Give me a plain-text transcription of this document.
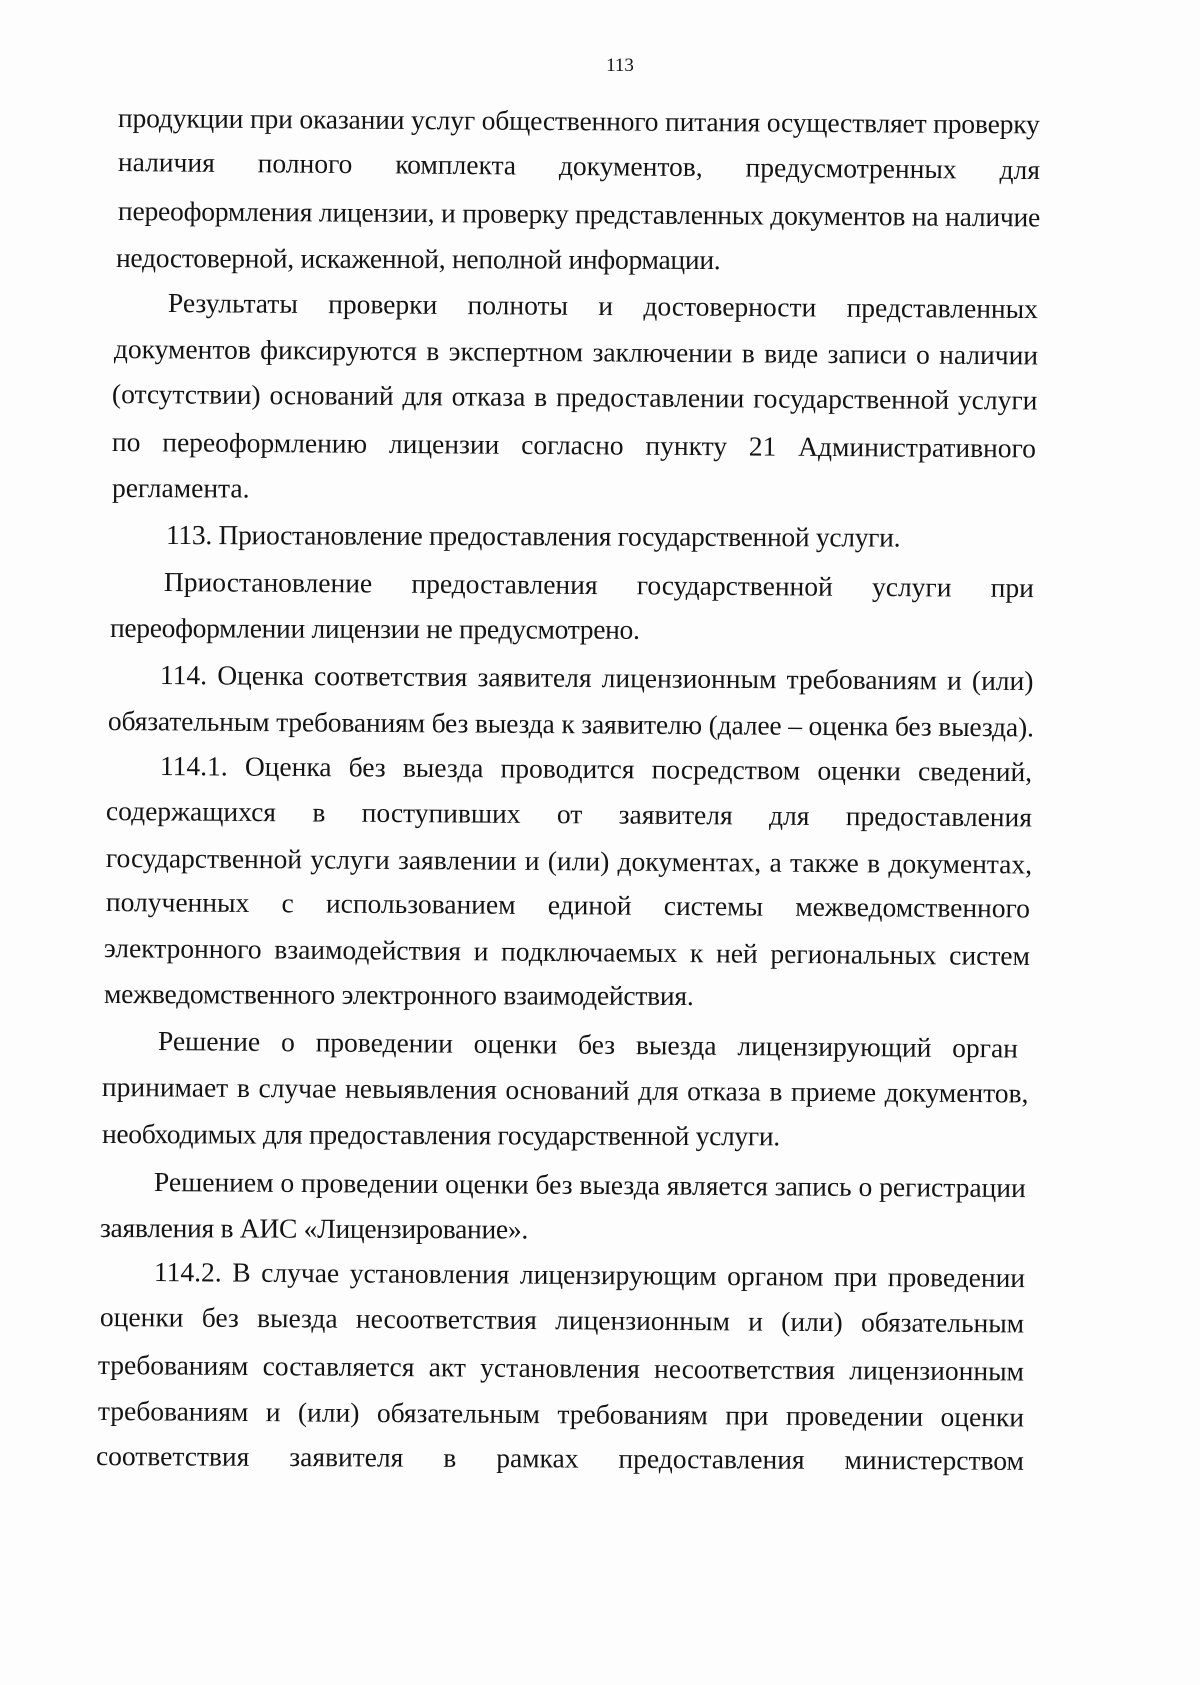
113
продукции при оказании услуг общественного питания осуществляет проверку
наличия полного комплекта документов, предусмотренных для
переоформления лицензии, и проверку представленных документов на наличие
недостоверной, искаженной, неполной информации.
Результаты проверки полноты и достоверности представленных
документов фиксируются в экспертном заключении в виде записи о наличии
(отсутствии) оснований для отказа в предоставлении государственной услуги
по переоформлению лицензии согласно пункту 21 Административного
регламента.
113. Приостановление предоставления государственной услуги.
Приостановление предоставления государственной услуги при
переоформлении лицензии не предусмотрено.
114. Оценка соответствия заявителя лицензионным требованиям и (или)
обязательным требованиям без выезда к заявителю (далее – оценка без выезда).
114.1. Оценка без выезда проводится посредством оценки сведений,
содержащихся в поступивших от заявителя для предоставления
государственной услуги заявлении и (или) документах, а также в документах,
полученных с использованием единой системы межведомственного
электронного взаимодействия и подключаемых к ней региональных систем
межведомственного электронного взаимодействия.
Решение о проведении оценки без выезда лицензирующий орган
принимает в случае невыявления оснований для отказа в приеме документов,
необходимых для предоставления государственной услуги.
Решением о проведении оценки без выезда является запись о регистрации
заявления в АИС «Лицензирование».
114.2. В случае установления лицензирующим органом при проведении
оценки без выезда несоответствия лицензионным и (или) обязательным
требованиям составляется акт установления несоответствия лицензионным
требованиям и (или) обязательным требованиям при проведении оценки
соответствия заявителя в рамках предоставления министерством
